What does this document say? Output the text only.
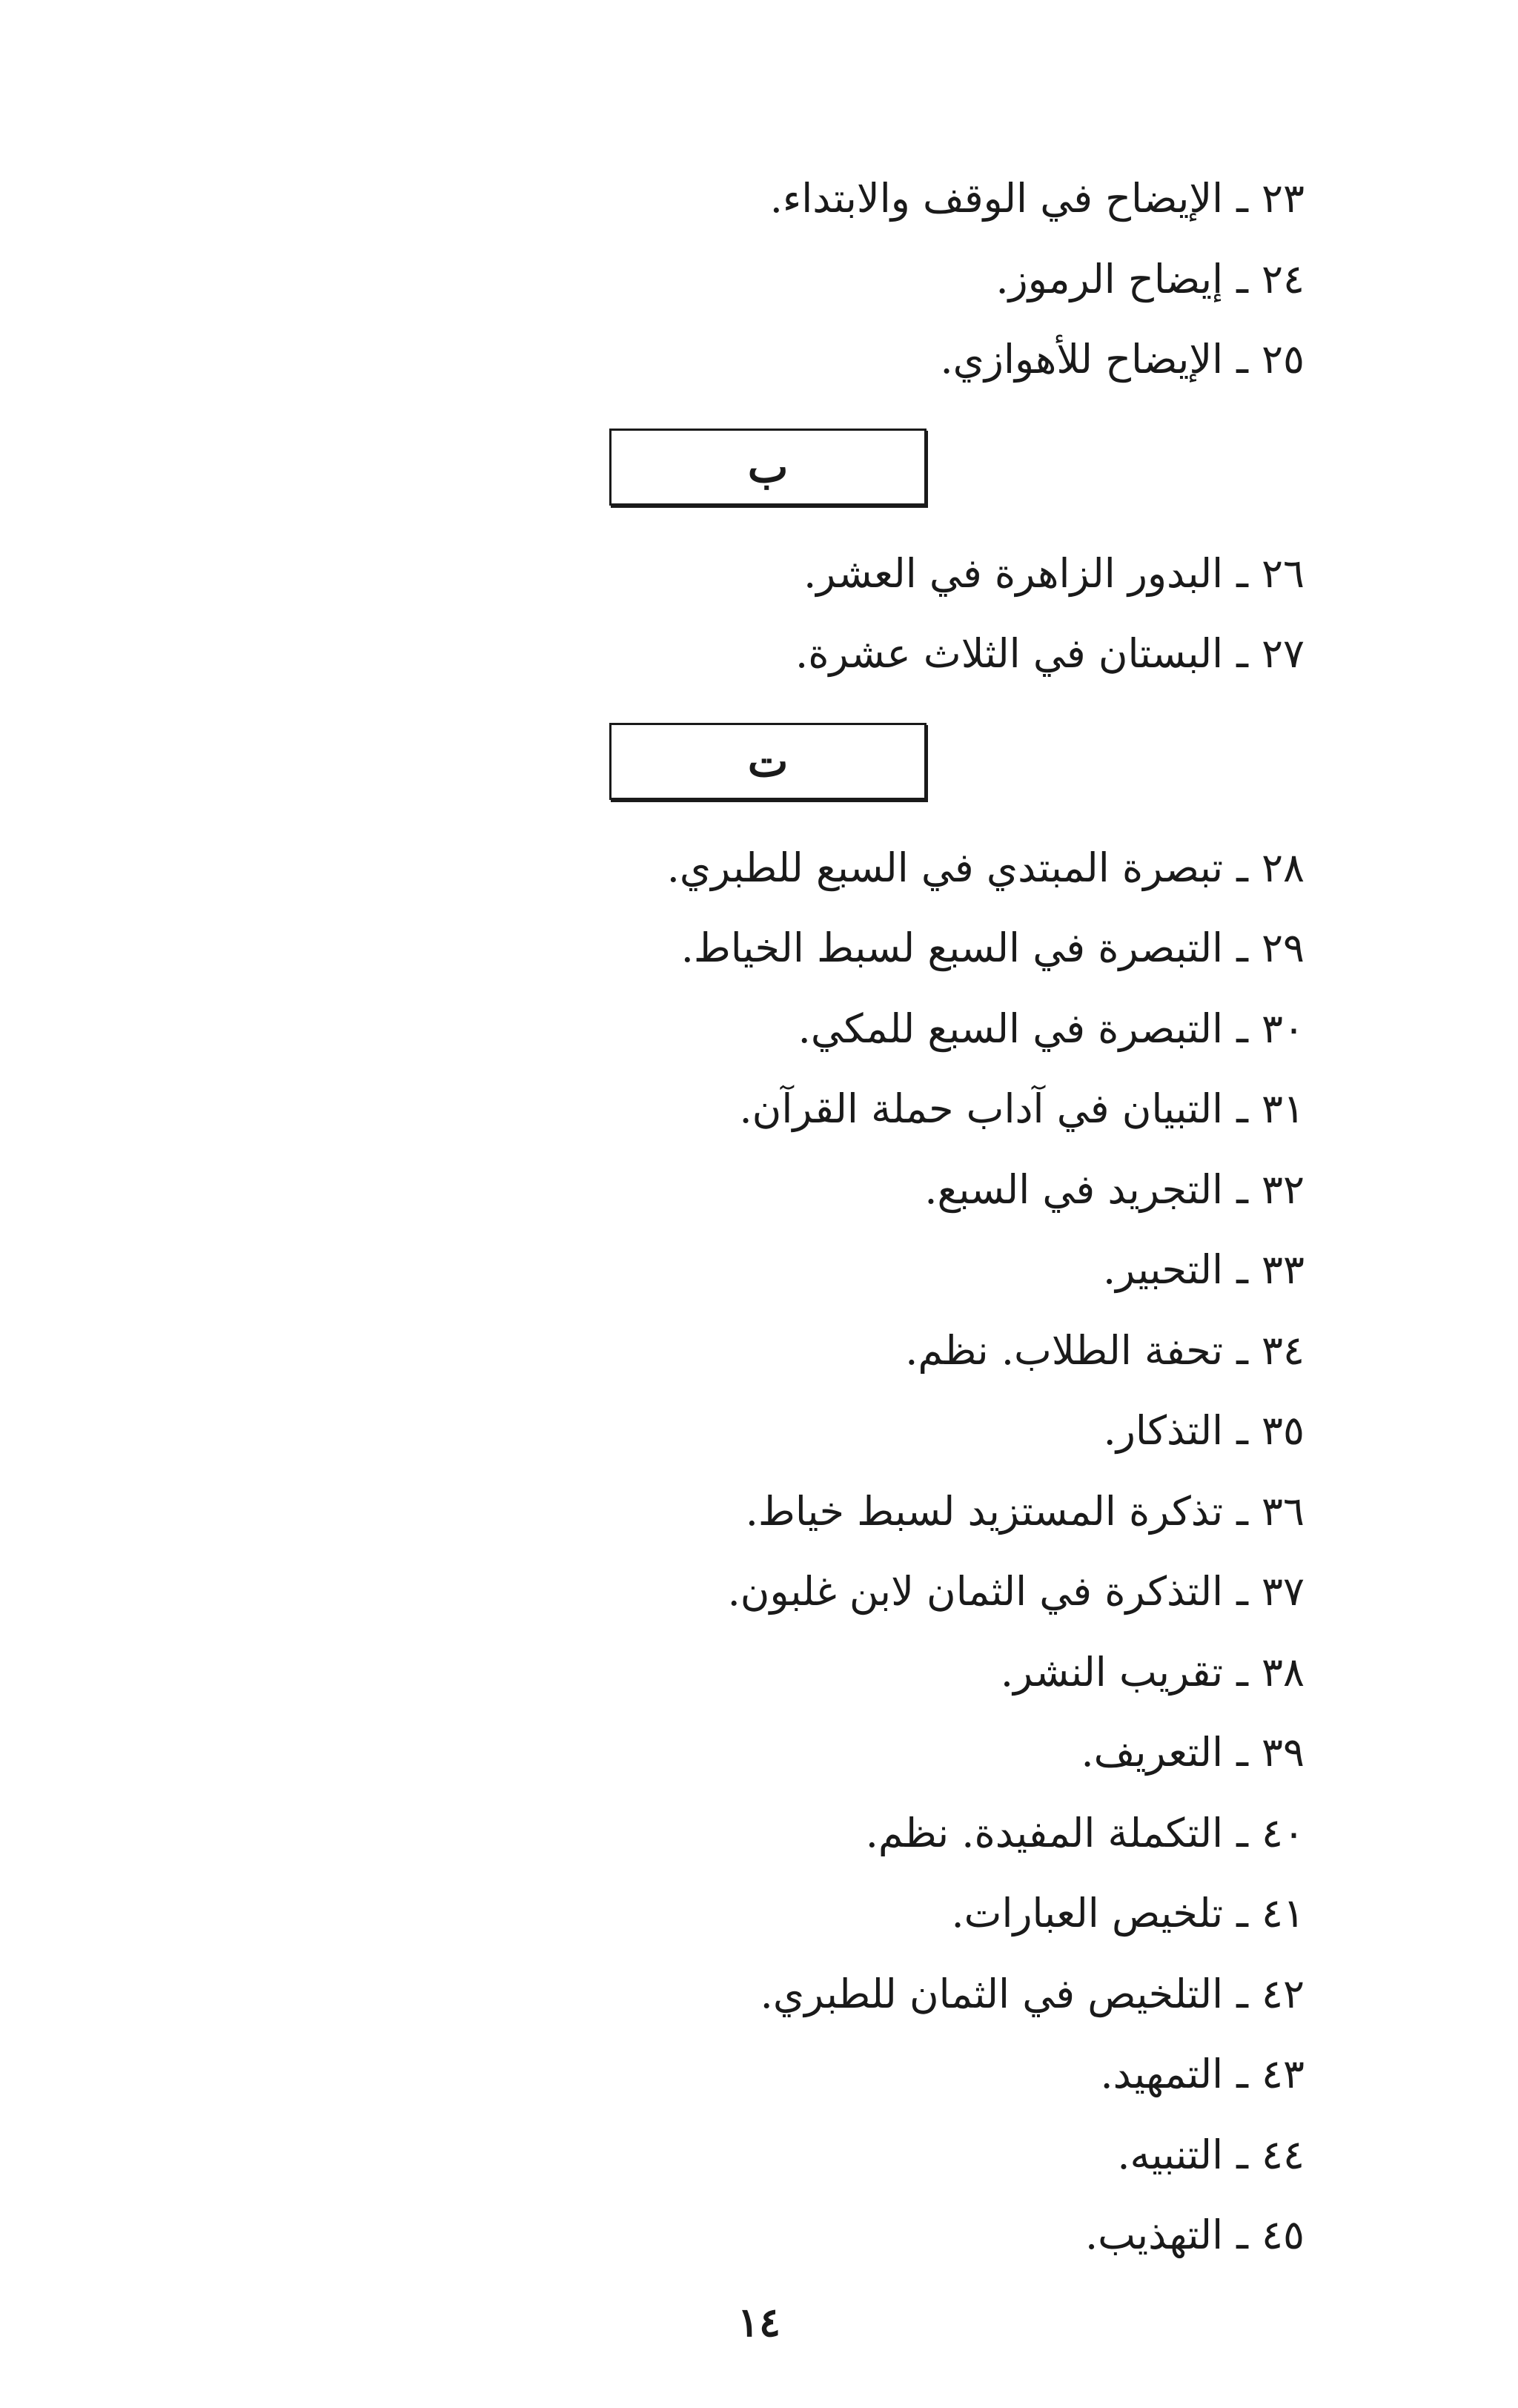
٢٣ـالإيضاح في الوقف والابتداء.
٢٤ـإيضاح الرموز.
٢٥ـالإيضاح للأهوازي.
ب
٢٦ـالبدور الزاهرة في العشر.
٢٧ـالبستان في الثلاث عشرة.
ت
٢٨ـتبصرة المبتدي في السبع للطبري.
٢٩ـالتبصرة في السبع لسبط الخياط.
٣٠ـالتبصرة في السبع للمكي.
٣١ـالتبيان في آداب حملة القرآن.
٣٢ـالتجريد في السبع.
٣٣ـالتحبير.
٣٤ـتحفة الطلاب. نظم.
٣٥ـالتذكار.
٣٦ـتذكرة المستزيد لسبط خياط.
٣٧ـالتذكرة في الثمان لابن غلبون.
٣٨ـتقريب النشر.
٣٩ـالتعريف.
٤٠ـالتكملة المفيدة. نظم.
٤١ـتلخيص العبارات.
٤٢ـالتلخيص في الثمان للطبري.
٤٣ـالتمهيد.
٤٤ـالتنبيه.
٤٥ـالتهذيب.
١٤
